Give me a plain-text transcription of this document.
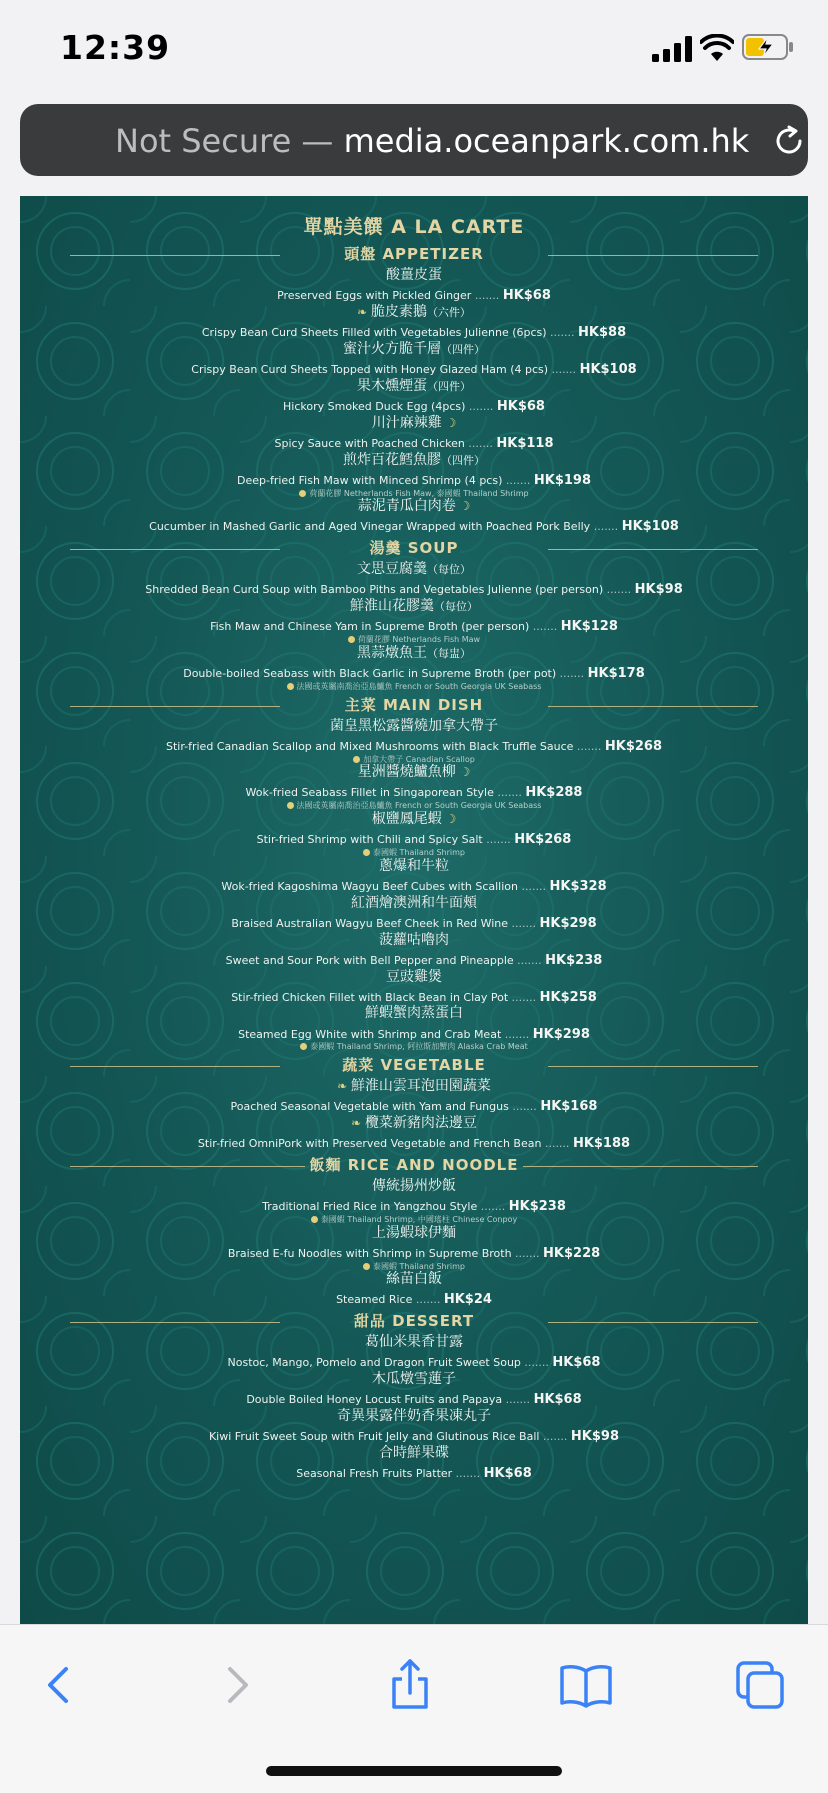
12:39
Not Secure — media.oceanpark.com.hk
單點美饌 A LA CARTE
頭盤 APPETIZER
酸薑皮蛋
Preserved Eggs with Pickled Ginger ....... HK$68
❧ 脆皮素鵝（六件）
Crispy Bean Curd Sheets Filled with Vegetables Julienne (6pcs) ....... HK$88
蜜汁火方脆千層（四件）
Crispy Bean Curd Sheets Topped with Honey Glazed Ham (4 pcs) ....... HK$108
果木燻煙蛋（四件）
Hickory Smoked Duck Egg (4pcs) ....... HK$68
川汁麻辣雞 ☽
Spicy Sauce with Poached Chicken ....... HK$118
煎炸百花鱈魚膠（四件）
Deep-fried Fish Maw with Minced Shrimp (4 pcs) ....... HK$198
荷蘭花膠 Netherlands Fish Maw, 泰國蝦 Thailand Shrimp
蒜泥青瓜白肉卷 ☽
Cucumber in Mashed Garlic and Aged Vinegar Wrapped with Poached Pork Belly ....... HK$108
湯羹 SOUP
文思豆腐羹（每位）
Shredded Bean Curd Soup with Bamboo Piths and Vegetables Julienne (per person) ....... HK$98
鮮淮山花膠羹（每位）
Fish Maw and Chinese Yam in Supreme Broth (per person) ....... HK$128
荷蘭花膠 Netherlands Fish Maw
黑蒜燉魚王（每盅）
Double-boiled Seabass with Black Garlic in Supreme Broth (per pot) ....... HK$178
法國或英屬南喬治亞島鱸魚 French or South Georgia UK Seabass
主菜 MAIN DISH
菌皇黑松露醬燒加拿大帶子
Stir-fried Canadian Scallop and Mixed Mushrooms with Black Truffle Sauce ....... HK$268
加拿大帶子 Canadian Scallop
星洲醬燒鱸魚柳 ☽
Wok-fried Seabass Fillet in Singaporean Style ....... HK$288
法國或英屬南喬治亞島鱸魚 French or South Georgia UK Seabass
椒鹽鳳尾蝦 ☽
Stir-fried Shrimp with Chili and Spicy Salt ....... HK$268
泰國蝦 Thailand Shrimp
蔥爆和牛粒
Wok-fried Kagoshima Wagyu Beef Cubes with Scallion ....... HK$328
紅酒燴澳洲和牛面頰
Braised Australian Wagyu Beef Cheek in Red Wine ....... HK$298
菠蘿咕嚕肉
Sweet and Sour Pork with Bell Pepper and Pineapple ....... HK$238
豆豉雞煲
Stir-fried Chicken Fillet with Black Bean in Clay Pot ....... HK$258
鮮蝦蟹肉蒸蛋白
Steamed Egg White with Shrimp and Crab Meat ....... HK$298
泰國蝦 Thailand Shrimp, 阿拉斯加蟹肉 Alaska Crab Meat
蔬菜 VEGETABLE
❧ 鮮淮山雲耳泡田園蔬菜
Poached Seasonal Vegetable with Yam and Fungus ....... HK$168
❧ 欖菜新豬肉法邊豆
Stir-fried OmniPork with Preserved Vegetable and French Bean ....... HK$188
飯麵 RICE AND NOODLE
傳統揚州炒飯
Traditional Fried Rice in Yangzhou Style ....... HK$238
泰國蝦 Thailand Shrimp, 中國瑤柱 Chinese Conpoy
上湯蝦球伊麵
Braised E-fu Noodles with Shrimp in Supreme Broth ....... HK$228
泰國蝦 Thailand Shrimp
絲苗白飯
Steamed Rice ....... HK$24
甜品 DESSERT
葛仙米果香甘露
Nostoc, Mango, Pomelo and Dragon Fruit Sweet Soup ....... HK$68
木瓜燉雪蓮子
Double Boiled Honey Locust Fruits and Papaya ....... HK$68
奇異果露伴奶香果凍丸子
Kiwi Fruit Sweet Soup with Fruit Jelly and Glutinous Rice Ball ....... HK$98
合時鮮果碟
Seasonal Fresh Fruits Platter ....... HK$68
